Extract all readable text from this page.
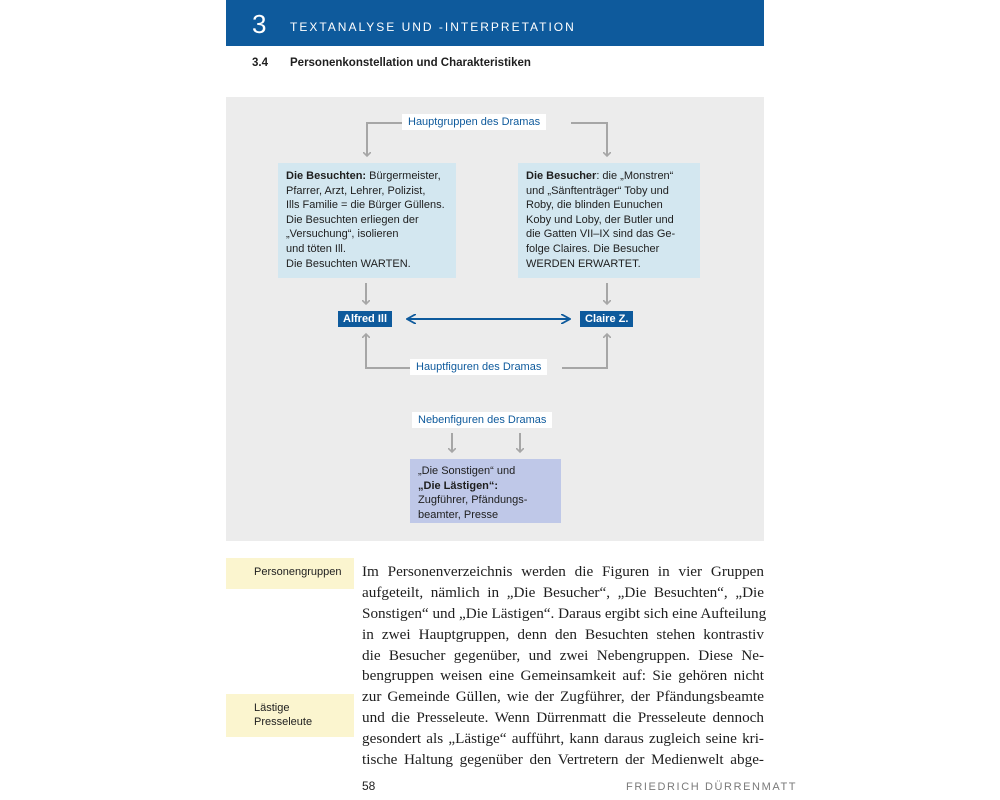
3 TEXTANALYSE UND -INTERPRETATION
3.4 Personenkonstellation und Charakteristiken
Hauptgruppen des Dramas
Die Besuchten: Bürgermeister,
Pfarrer, Arzt, Lehrer, Polizist,
Ills Familie = die Bürger Güllens.
Die Besuchten erliegen der
„Versuchung“, isolieren
und töten Ill.
Die Besuchten WARTEN.
Die Besucher: die „Monstren“
und „Sänftenträger“ Toby und
Roby, die blinden Eunuchen
Koby und Loby, der Butler und
die Gatten VII–IX sind das Ge-
folge Claires. Die Besucher
WERDEN ERWARTET.
Alfred Ill	Claire Z.
Hauptfiguren des Dramas
Nebenfiguren des Dramas
„Die Sonstigen“ und
„Die Lästigen“:
Zugführer, Pfändungs-
beamter, Presse
Personengruppen
Lästige
Presseleute
Im Personenverzeichnis werden die Figuren in vier Gruppen
aufgeteilt, nämlich in „Die Besucher“, „Die Besuchten“, „Die
Sonstigen“ und „Die Lästigen“. Daraus ergibt sich eine Aufteilung
in zwei Hauptgruppen, denn den Besuchten stehen kontrastiv
die Besucher gegenüber, und zwei Nebengruppen. Diese Ne-
bengruppen weisen eine Gemeinsamkeit auf: Sie gehören nicht
zur Gemeinde Güllen, wie der Zugführer, der Pfändungsbeamte
und die Presseleute. Wenn Dürrenmatt die Presseleute dennoch
gesondert als „Lästige“ aufführt, kann daraus zugleich seine kri-
tische Haltung gegenüber den Vertretern der Medienwelt abge-
58	FRIEDRICH DÜRRENMATT
